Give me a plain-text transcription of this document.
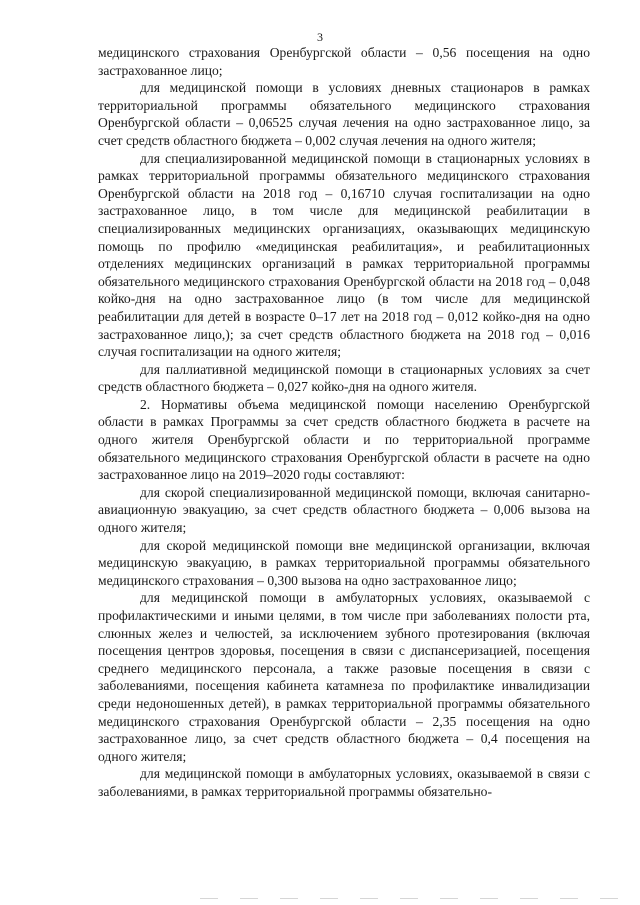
3

медицинского страхования Оренбургской области – 0,56 посещения на одно застрахованное лицо;

для медицинской помощи в условиях дневных стационаров в рамках территориальной программы обязательного медицинского страхования Оренбургской области – 0,06525 случая лечения на одно застрахованное лицо, за счет средств областного бюджета – 0,002 случая лечения на одного жителя;

для специализированной медицинской помощи в стационарных условиях в рамках территориальной программы обязательного медицинского страхования Оренбургской области на 2018 год – 0,16710 случая госпитализации на одно застрахованное лицо, в том числе для медицинской реабилитации в специализированных медицинских организациях, оказывающих медицинскую помощь по профилю «медицинская реабилитация», и реабилитационных отделениях медицинских организаций в рамках территориальной программы обязательного медицинского страхования Оренбургской области на 2018 год – 0,048 койко-дня на одно застрахованное лицо (в том числе для медицинской реабилитации для детей в возрасте 0–17 лет на 2018 год – 0,012 койко-дня на одно застрахованное лицо,); за счет средств областного бюджета на 2018 год – 0,016 случая госпитализации на одного жителя;

для паллиативной медицинской помощи в стационарных условиях за счет средств областного бюджета – 0,027 койко-дня на одного жителя.

2. Нормативы объема медицинской помощи населению Оренбургской области в рамках Программы за счет средств областного бюджета в расчете на одного жителя Оренбургской области и по территориальной программе обязательного медицинского страхования Оренбургской области в расчете на одно застрахованное лицо на 2019–2020 годы составляют:

для скорой специализированной медицинской помощи, включая санитарно-авиационную эвакуацию, за счет средств областного бюджета – 0,006 вызова на одного жителя;

для скорой медицинской помощи вне медицинской организации, включая медицинскую эвакуацию, в рамках территориальной программы обязательного медицинского страхования – 0,300 вызова на одно застрахованное лицо;

для медицинской помощи в амбулаторных условиях, оказываемой с профилактическими и иными целями, в том числе при заболеваниях полости рта, слюнных желез и челюстей, за исключением зубного протезирования (включая посещения центров здоровья, посещения в связи с диспансеризацией, посещения среднего медицинского персонала, а также разовые посещения в связи с заболеваниями, посещения кабинета катамнеза по профилактике инвалидизации среди недоношенных детей), в рамках территориальной программы обязательного медицинского страхования Оренбургской области – 2,35 посещения на одно застрахованное лицо, за счет средств областного бюджета – 0,4 посещения на одного жителя;

для медицинской помощи в амбулаторных условиях, оказываемой в связи с заболеваниями, в рамках территориальной программы обязательно-
